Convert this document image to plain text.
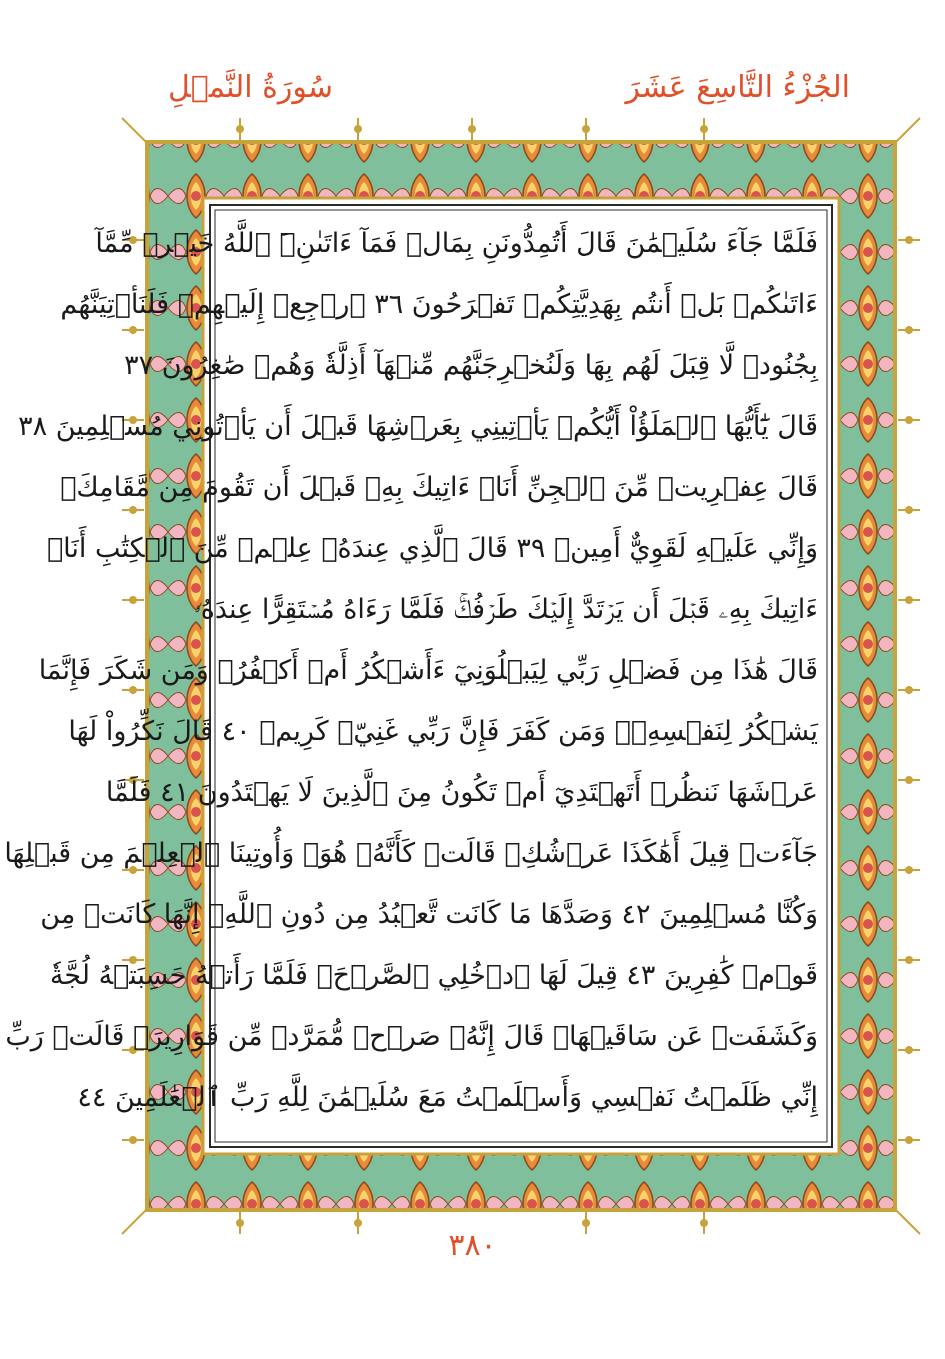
سُورَةُ النَّمۡلِ	الجُزْءُ التَّاسِعَ عَشَرَ
فَلَمَّا جَآءَ سُلَيۡمَٰنَ قَالَ أَتُمِدُّونَنِ بِمَالٖ فَمَآ ءَاتَىٰنِۦَ ٱللَّهُ خَيۡرٞ مِّمَّآ
ءَاتَىٰكُمۚ بَلۡ أَنتُم بِهَدِيَّتِكُمۡ تَفۡرَحُونَ ٣٦ ٱرۡجِعۡ إِلَيۡهِمۡ فَلَنَأۡتِيَنَّهُم
بِجُنُودٖ لَّا قِبَلَ لَهُم بِهَا وَلَنُخۡرِجَنَّهُم مِّنۡهَآ أَذِلَّةٗ وَهُمۡ صَٰغِرُونَ ٣٧
قَالَ يَٰٓأَيُّهَا ٱلۡمَلَؤُاْ أَيُّكُمۡ يَأۡتِينِي بِعَرۡشِهَا قَبۡلَ أَن يَأۡتُونِي مُسۡلِمِينَ ٣٨
قَالَ عِفۡرِيتٞ مِّنَ ٱلۡجِنِّ أَنَا۠ ءَاتِيكَ بِهِۦ قَبۡلَ أَن تَقُومَ مِن مَّقَامِكَۖ
وَإِنِّي عَلَيۡهِ لَقَوِيٌّ أَمِينٞ ٣٩ قَالَ ٱلَّذِي عِندَهُۥ عِلۡمٞ مِّنَ ٱلۡكِتَٰبِ أَنَا۠
ءَاتِيكَ بِهِۦ قَبۡلَ أَن يَرۡتَدَّ إِلَيۡكَ طَرۡفُكَۚ فَلَمَّا رَءَاهُ مُسۡتَقِرًّا عِندَهُۥ
قَالَ هَٰذَا مِن فَضۡلِ رَبِّي لِيَبۡلُوَنِيٓ ءَأَشۡكُرُ أَمۡ أَكۡفُرُۖ وَمَن شَكَرَ فَإِنَّمَا
يَشۡكُرُ لِنَفۡسِهِۦۖ وَمَن كَفَرَ فَإِنَّ رَبِّي غَنِيّٞ كَرِيمٞ ٤٠ قَالَ نَكِّرُواْ لَهَا
عَرۡشَهَا نَنظُرۡ أَتَهۡتَدِيٓ أَمۡ تَكُونُ مِنَ ٱلَّذِينَ لَا يَهۡتَدُونَ ٤١ فَلَمَّا
جَآءَتۡ قِيلَ أَهَٰكَذَا عَرۡشُكِۖ قَالَتۡ كَأَنَّهُۥ هُوَۚ وَأُوتِينَا ٱلۡعِلۡمَ مِن قَبۡلِهَا
وَكُنَّا مُسۡلِمِينَ ٤٢ وَصَدَّهَا مَا كَانَت تَّعۡبُدُ مِن دُونِ ٱللَّهِۖ إِنَّهَا كَانَتۡ مِن
قَوۡمٖ كَٰفِرِينَ ٤٣ قِيلَ لَهَا ٱدۡخُلِي ٱلصَّرۡحَۖ فَلَمَّا رَأَتۡهُ حَسِبَتۡهُ لُجَّةٗ
وَكَشَفَتۡ عَن سَاقَيۡهَاۚ قَالَ إِنَّهُۥ صَرۡحٞ مُّمَرَّدٞ مِّن قَوَارِيرَۗ قَالَتۡ رَبِّ
إِنِّي ظَلَمۡتُ نَفۡسِي وَأَسۡلَمۡتُ مَعَ سُلَيۡمَٰنَ لِلَّهِ رَبِّ ٱلۡعَٰلَمِينَ ٤٤
٣٨٠
